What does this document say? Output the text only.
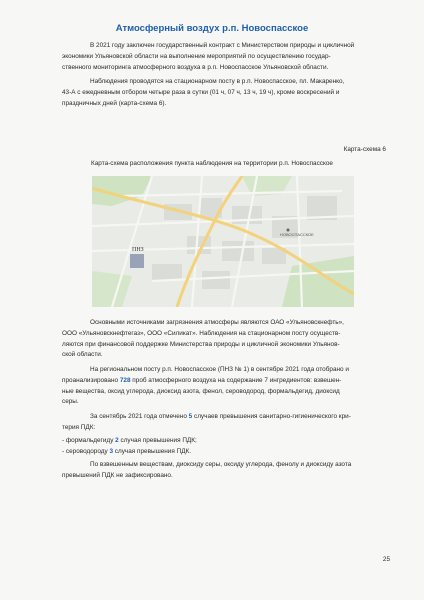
Атмосферный воздух р.п. Новоспасское
В 2021 году заключен государственный контракт с Министерством природы и цикличной
экономики Ульяновской области на выполнение мероприятий по осуществлению государ-
ственного мониторинга атмосферного воздуха в р.п. Новоспасское Ульяновской области.
Наблюдения проводятся на стационарном посту в р.п. Новоспасское, пл. Макаренко,
43-А с ежедневным отбором четыре раза в сутки (01 ч, 07 ч, 13 ч, 19 ч), кроме воскресений и
праздничных дней (карта-схема 6).
Карта-схема 6
Карта-схема расположения пункта наблюдения на территории р.п. Новоспасское
ПНЗ
НОВОСПАССКОЕ
Основными источниками загрязнения атмосферы являются ОАО «Ульяновскнефть»,
ООО «Ульяновскнефтегаз», ООО «Силикат». Наблюдения на стационарном посту осуществ-
ляются при финансовой поддержке Министерства природы и цикличной экономики Ульянов-
ской области.
На региональном посту р.п. Новоспасское (ПНЗ № 1) в сентябре 2021 года отобрано и
проанализировано 728 проб атмосферного воздуха на содержание 7 ингредиентов: взвешен-
ные вещества, оксид углерода, диоксид азота, фенол, сероводород, формальдегид, диоксид
серы.
За сентябрь 2021 года отмечено 5 случаев превышения санитарно-гигиенического кри-
терия ПДК:
- формальдегиду 2 случая превышения ПДК;
- сероводороду 3 случая превышения ПДК.
По взвешенным веществам, диоксиду серы, оксиду углерода, фенолу и диоксиду азота
превышений ПДК не зафиксировано.
25
